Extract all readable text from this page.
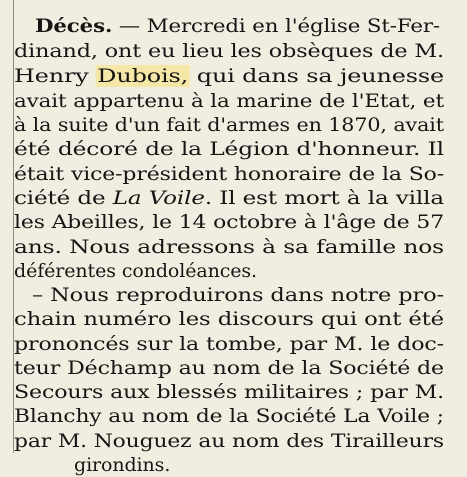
Décès. — Mercredi en l'église St-Fer-
dinand, ont eu lieu les obsèques de M.
Henry Dubois, qui dans sa jeunesse
avait appartenu à la marine de l'Etat, et
à la suite d'un fait d'armes en 1870, avait
été décoré de la Légion d'honneur. Il
était vice-président honoraire de la So-
ciété de La Voile. Il est mort à la villa
les Abeilles, le 14 octobre à l'âge de 57
ans. Nous adressons à sa famille nos
déférentes condoléances.
– Nous reproduirons dans notre pro-
chain numéro les discours qui ont été
prononcés sur la tombe, par M. le doc-
teur Déchamp au nom de la Société de
Secours aux blessés militaires ; par M.
Blanchy au nom de la Société La Voile ;
par M. Nouguez au nom des Tirailleurs
girondins.
